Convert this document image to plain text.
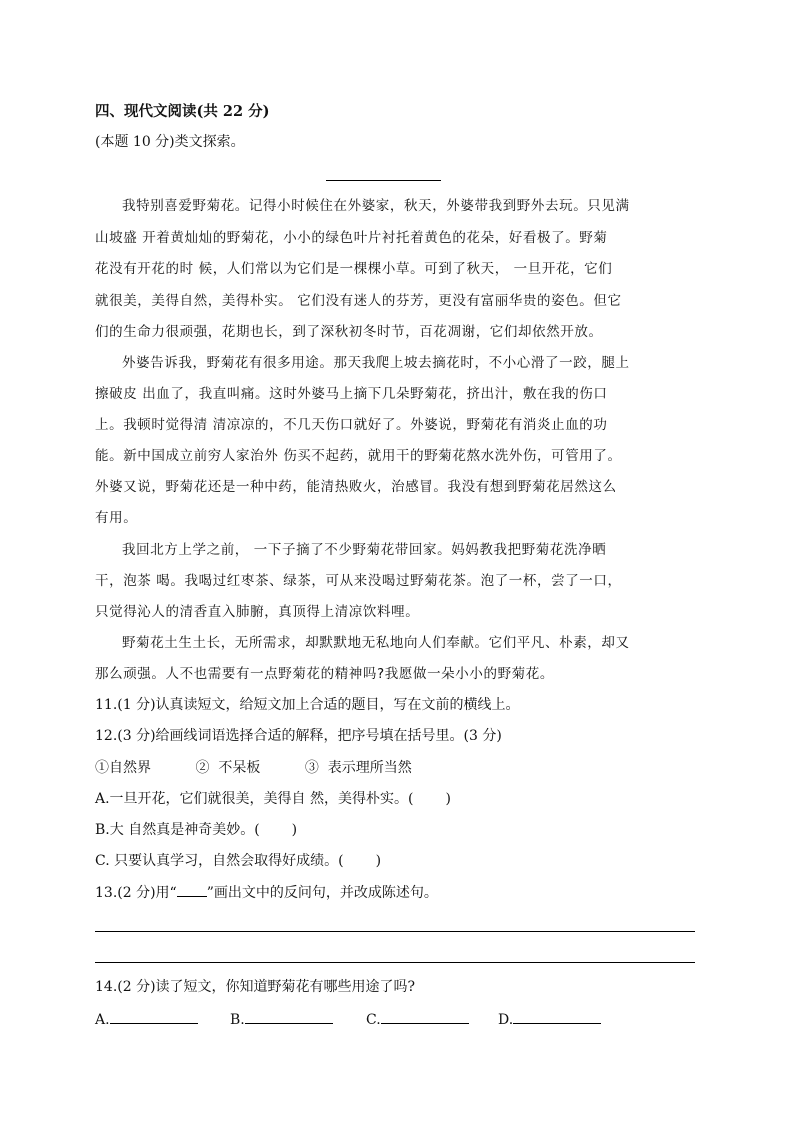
四、现代文阅读(共 22 分)
(本题 10 分)类文探索。
我特别喜爱野菊花。记得小时候住在外婆家，秋天，外婆带我到野外去玩。只见满
山坡盛 开着黄灿灿的野菊花，小小的绿色叶片衬托着黄色的花朵，好看极了。野菊
花没有开花的时 候，人们常以为它们是一棵棵小草。可到了秋天， 一旦开花，它们
就很美，美得自然，美得朴实。 它们没有迷人的芬芳，更没有富丽华贵的姿色。但它
们的生命力很顽强，花期也长，到了深秋初冬时节，百花凋谢，它们却依然开放。
外婆告诉我，野菊花有很多用途。那天我爬上坡去摘花时，不小心滑了一跤，腿上
擦破皮 出血了，我直叫痛。这时外婆马上摘下几朵野菊花，挤出汁，敷在我的伤口
上。我顿时觉得清 清凉凉的，不几天伤口就好了。外婆说，野菊花有消炎止血的功
能。新中国成立前穷人家治外 伤买不起药，就用干的野菊花熬水洗外伤，可管用了。
外婆又说，野菊花还是一种中药，能清热败火，治感冒。我没有想到野菊花居然这么
有用。
我回北方上学之前， 一下子摘了不少野菊花带回家。妈妈教我把野菊花洗净晒
干，泡茶 喝。我喝过红枣茶、绿茶，可从来没喝过野菊花茶。泡了一杯，尝了一口，
只觉得沁人的清香直入肺腑，真顶得上清凉饮料哩。
野菊花土生土长，无所需求，却默默地无私地向人们奉献。它们平凡、朴素，却又
那么顽强。人不也需要有一点野菊花的精神吗?我愿做一朵小小的野菊花。
11.(1 分)认真读短文，给短文加上合适的题目，写在文前的横线上。
12.(3 分)给画线词语选择合适的解释，把序号填在括号里。(3 分)
①自然界          ②  不呆板          ③  表示理所当然
A.一旦开花，它们就很美，美得自 然，美得朴实。( )
B.大 自然真是神奇美妙。( )
C. 只要认真学习，自然会取得好成绩。( )
13.(2 分)用“ ”画出文中的反问句，并改成陈述句。
14.(2 分)读了短文，你知道野菊花有哪些用途了吗?
A.	B.	C.	D.
